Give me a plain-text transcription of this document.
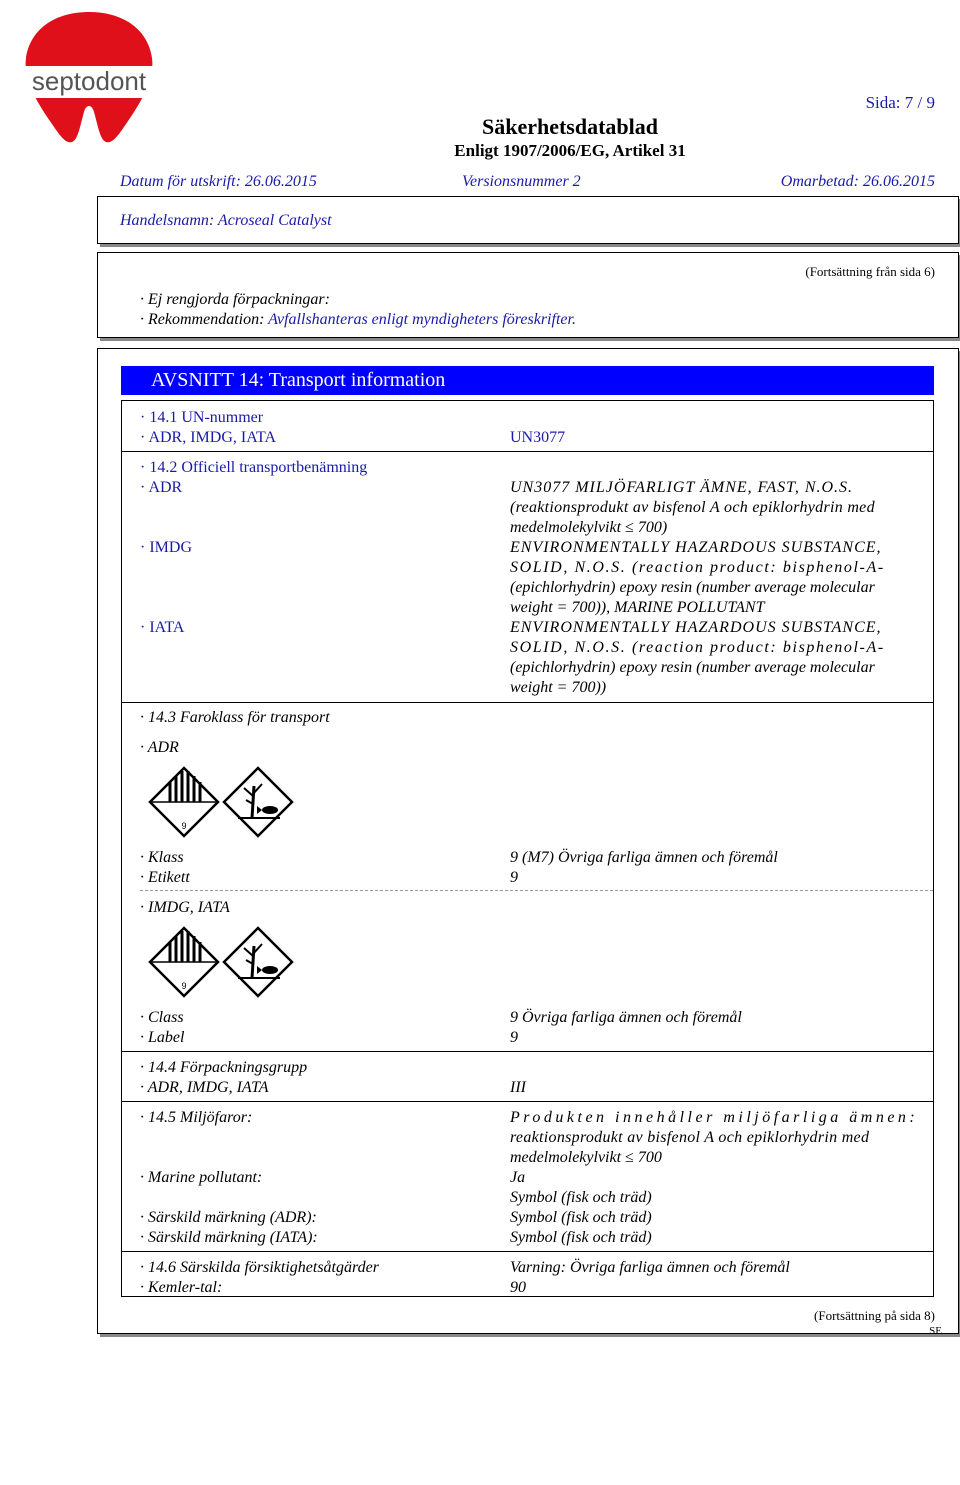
septodont
Sida: 7 / 9
Säkerhetsdatablad
Enligt 1907/2006/EG, Artikel 31
Datum för utskrift: 26.06.2015	Versionsnummer 2	Omarbetad: 26.06.2015
Handelsnamn: Acroseal Catalyst
(Fortsättning från sida 6)
· Ej rengjorda förpackningar:
· Rekommendation: Avfallshanteras enligt myndigheters föreskrifter.
AVSNITT 14: Transport information
· 14.1 UN-nummer
· ADR, IMDG, IATA	UN3077
· 14.2 Officiell transportbenämning
· ADR	UN3077 MILJÖFARLIGT ÄMNE, FAST, N.O.S.
(reaktionsprodukt av bisfenol A och epiklorhydrin med
medelmolekylvikt ≤ 700)
· IMDG	ENVIRONMENTALLY HAZARDOUS SUBSTANCE,
SOLID, N.O.S. (reaction product: bisphenol-A-
(epichlorhydrin) epoxy resin (number average molecular
weight = 700)), MARINE POLLUTANT
· IATA	ENVIRONMENTALLY HAZARDOUS SUBSTANCE,
SOLID, N.O.S. (reaction product: bisphenol-A-
(epichlorhydrin) epoxy resin (number average molecular
weight = 700))
· 14.3 Faroklass för transport
· ADR
9
· Klass	9 (M7) Övriga farliga ämnen och föremål
· Etikett	9
· IMDG, IATA
9
· Class	9 Övriga farliga ämnen och föremål
· Label	9
· 14.4 Förpackningsgrupp
· ADR, IMDG, IATA	III
· 14.5 Miljöfaror:	Produkten innehåller miljöfarliga ämnen:
reaktionsprodukt av bisfenol A och epiklorhydrin med
medelmolekylvikt ≤ 700
· Marine pollutant:	Ja
Symbol (fisk och träd)
· Särskild märkning (ADR):	Symbol (fisk och träd)
· Särskild märkning (IATA):	Symbol (fisk och träd)
· 14.6 Särskilda försiktighetsåtgärder	Varning: Övriga farliga ämnen och föremål
· Kemler-tal:	90
(Fortsättning på sida 8)
SE
